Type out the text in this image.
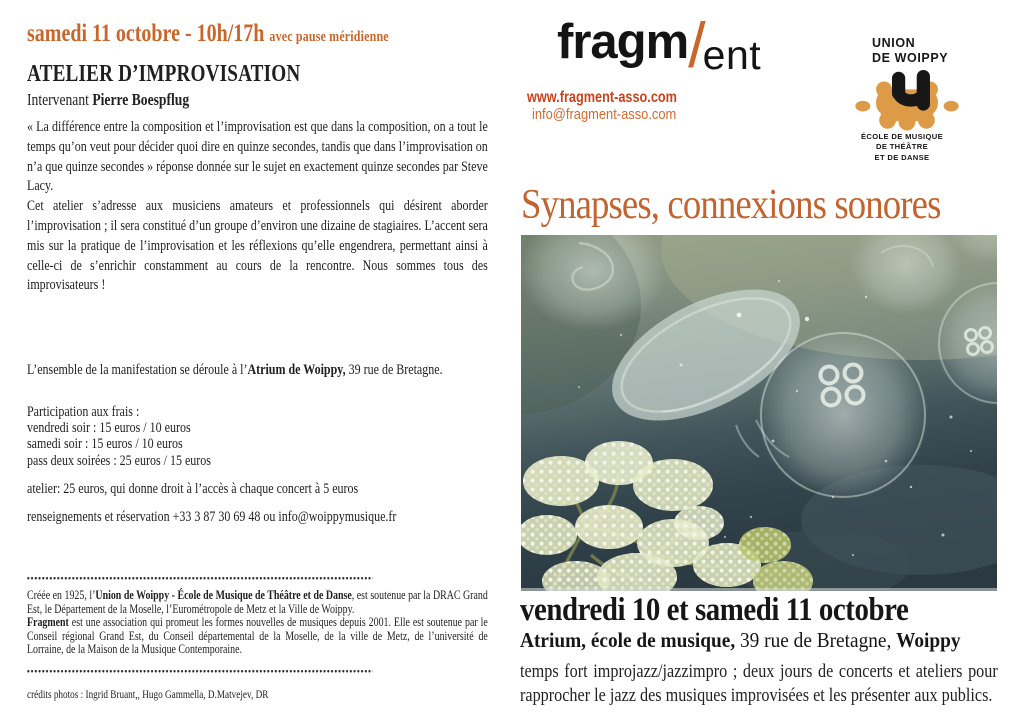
samedi 11 octobre - 10h/17h avec pause méridienne
ATELIER D’IMPROVISATION
Intervenant Pierre Boespflug
« La différence entre la composition et l’improvisation est que dans la composition, on a tout le temps qu’on veut pour décider quoi dire en quinze secondes, tandis que dans l’improvisation on n’a que quinze secondes » réponse donnée sur le sujet en exactement quinze secondes par Steve Lacy.
Cet atelier s’adresse aux musiciens amateurs et professionnels qui désirent aborder l’improvisation ; il sera constitué d’un groupe d’environ une dizaine de stagiaires. L’accent sera mis sur la pratique de l’improvisation et les réflexions qu’elle engendrera, permettant ainsi à celle-ci de s’enrichir constamment au cours de la rencontre. Nous sommes tous des improvisateurs !
L’ensemble de la manifestation se déroule à l’Atrium de Woippy, 39 rue de Bretagne.
Participation aux frais :
vendredi soir : 15 euros / 10 euros
samedi soir : 15 euros / 10 euros
pass deux soirées : 25 euros / 15 euros
atelier: 25 euros, qui donne droit à l’accès à chaque concert à 5 euros
renseignements et réservation +33 3 87 30 69 48 ou info@woippymusique.fr
Créée en 1925, l’Union de Woippy - École de Musique de Théâtre et de Danse, est soutenue par la DRAC Grand Est, le Département de la Moselle, l’Eurométropole de Metz et la Ville de Woippy.
Fragment est une association qui promeut les formes nouvelles de musiques depuis 2001. Elle est soutenue par le Conseil régional Grand Est, du Conseil départemental de la Moselle, de la ville de Metz, de l’université de Lorraine, de la Maison de la Musique Contemporaine.
crédits photos : Ingrid Bruant,, Hugo Gammella, D.Matvejev, DR
fragm /
ent
www.fragment-asso.com
info@fragment-asso.com
UNION
DE WOIPPY
ÉCOLE DE MUSIQUE
DE THÉÂTRE
ET DE DANSE
Synapses, connexions sonores
vendredi 10 et samedi 11 octobre
Atrium, école de musique, 39 rue de Bretagne, Woippy
temps fort improjazz/jazzimpro ; deux jours de concerts et ateliers pour rapprocher le jazz des musiques improvisées et les présenter aux publics.
